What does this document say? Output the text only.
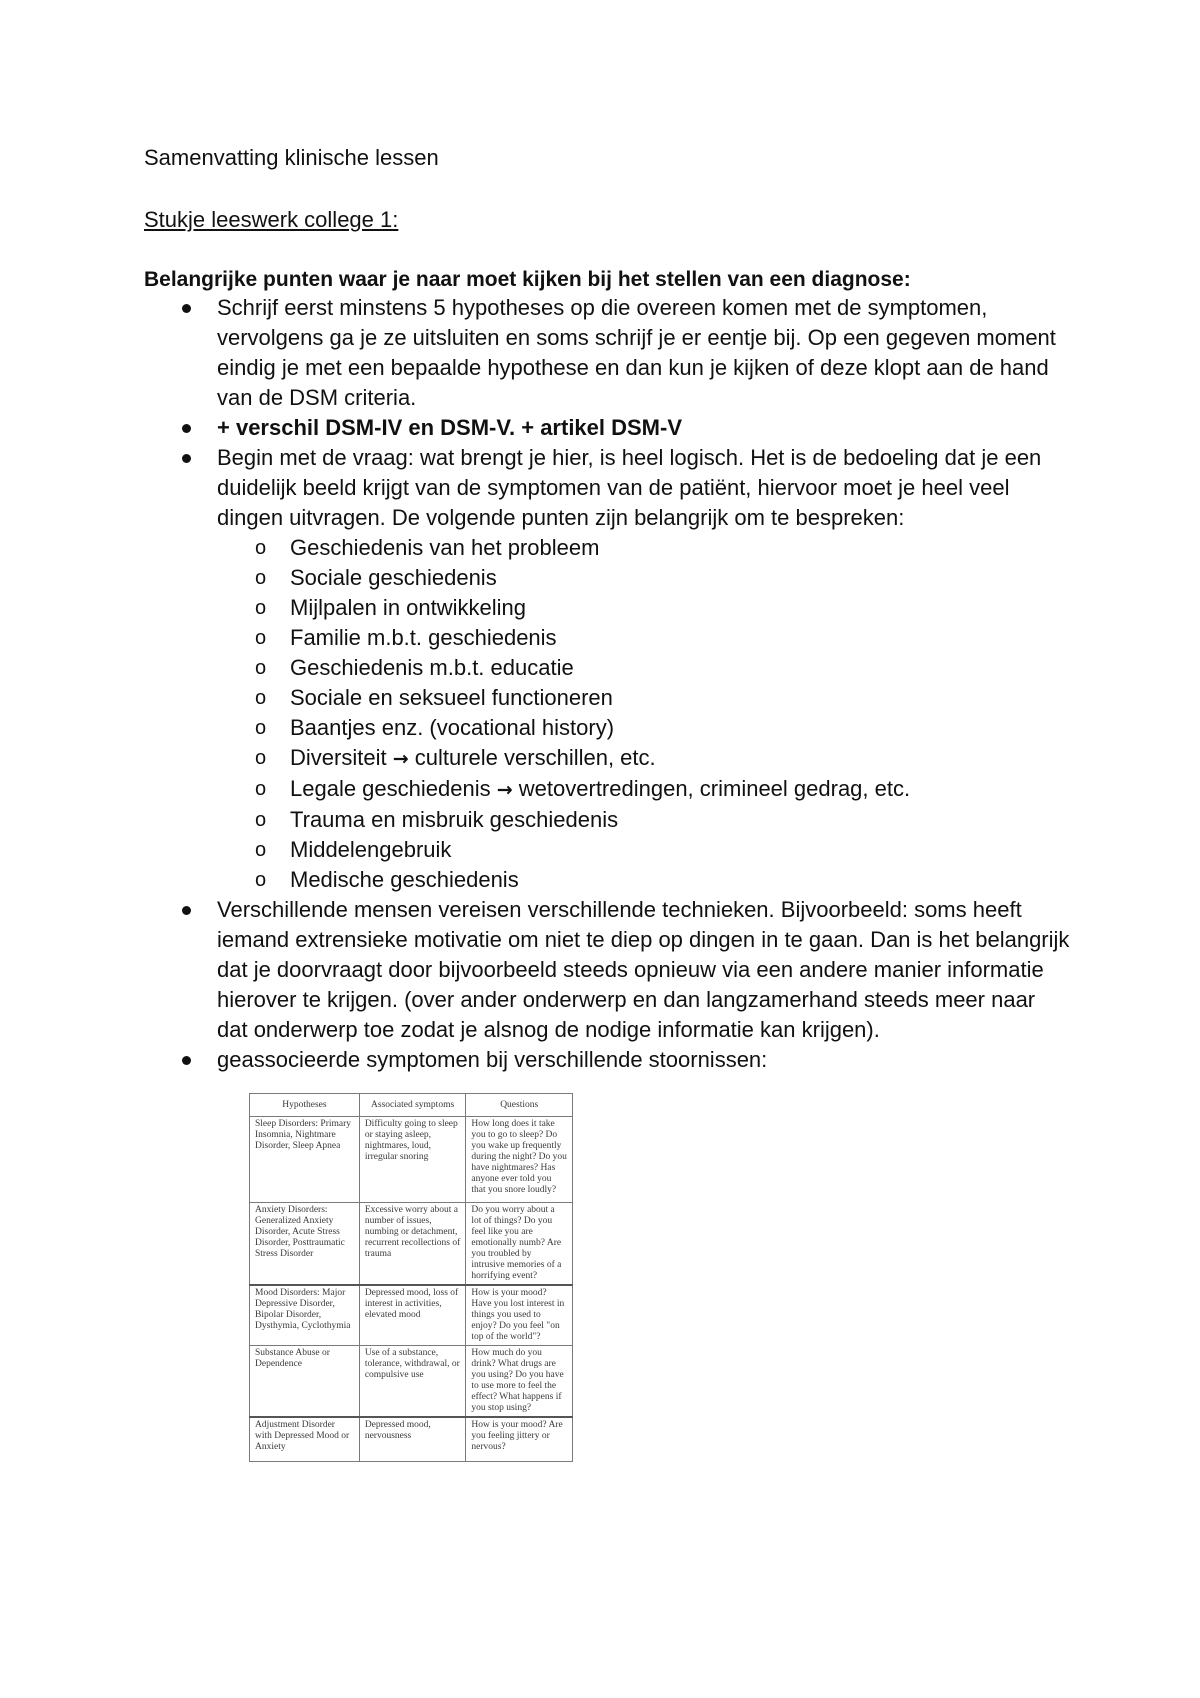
Samenvatting klinische lessen
Stukje leeswerk college 1:
Belangrijke punten waar je naar moet kijken bij het stellen van een diagnose:
Schrijf eerst minstens 5 hypotheses op die overeen komen met de symptomen, vervolgens ga je ze uitsluiten en soms schrijf je er eentje bij. Op een gegeven moment eindig je met een bepaalde hypothese en dan kun je kijken of deze klopt aan de hand van de DSM criteria.
+ verschil DSM-IV en DSM-V. + artikel DSM-V
Begin met de vraag: wat brengt je hier, is heel logisch. Het is de bedoeling dat je een duidelijk beeld krijgt van de symptomen van de patiënt, hiervoor moet je heel veel dingen uitvragen. De volgende punten zijn belangrijk om te bespreken:
o Geschiedenis van het probleem
o Sociale geschiedenis
o Mijlpalen in ontwikkeling
o Familie m.b.t. geschiedenis
o Geschiedenis m.b.t. educatie
o Sociale en seksueel functioneren
o Baantjes enz. (vocational history)
o Diversiteit → culturele verschillen, etc.
o Legale geschiedenis → wetovertredingen, crimineel gedrag, etc.
o Trauma en misbruik geschiedenis
o Middelengebruik
o Medische geschiedenis
Verschillende mensen vereisen verschillende technieken. Bijvoorbeeld: soms heeft iemand extrensieke motivatie om niet te diep op dingen in te gaan. Dan is het belangrijk dat je doorvraagt door bijvoorbeeld steeds opnieuw via een andere manier informatie hierover te krijgen. (over ander onderwerp en dan langzamerhand steeds meer naar dat onderwerp toe zodat je alsnog de nodige informatie kan krijgen).
geassocieerde symptomen bij verschillende stoornissen:
Hypotheses	Associated symptoms	Questions
Sleep Disorders: Primary Insomnia, Nightmare Disorder, Sleep Apnea	Difficulty going to sleep or staying asleep, nightmares, loud, irregular snoring	How long does it take you to go to sleep? Do you wake up frequently during the night? Do you have nightmares? Has anyone ever told you that you snore loudly?
Anxiety Disorders: Generalized Anxiety Disorder, Acute Stress Disorder, Posttraumatic Stress Disorder	Excessive worry about a number of issues, numbing or detachment, recurrent recollections of trauma	Do you worry about a lot of things? Do you feel like you are emotionally numb? Are you troubled by intrusive memories of a horrifying event?
Mood Disorders: Major Depressive Disorder, Bipolar Disorder, Dysthymia, Cyclothymia	Depressed mood, loss of interest in activities, elevated mood	How is your mood? Have you lost interest in things you used to enjoy? Do you feel "on top of the world"?
Substance Abuse or Dependence	Use of a substance, tolerance, withdrawal, or compulsive use	How much do you drink? What drugs are you using? Do you have to use more to feel the effect? What happens if you stop using?
Adjustment Disorder with Depressed Mood or Anxiety	Depressed mood, nervousness	How is your mood? Are you feeling jittery or nervous?
